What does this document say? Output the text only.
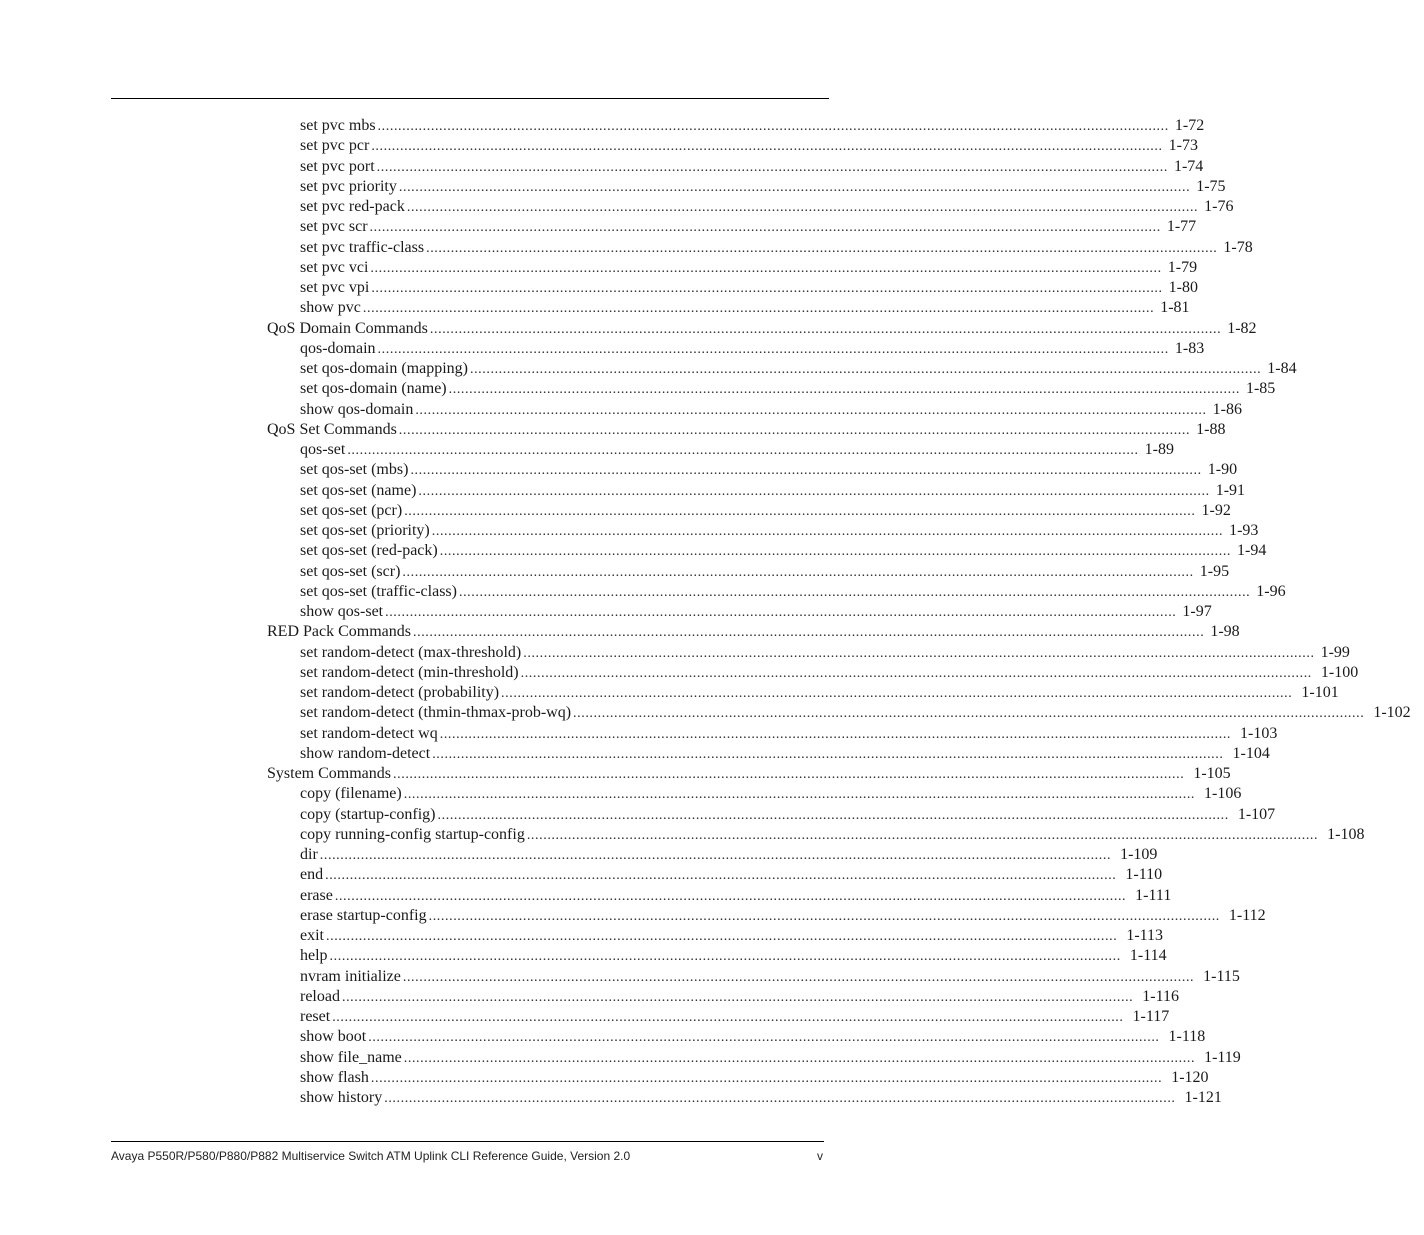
set pvc mbs .....	1-72
set pvc pcr .....	1-73
set pvc port .....	1-74
set pvc priority .....	1-75
set pvc red-pack .....	1-76
set pvc scr .....	1-77
set pvc traffic-class .....	1-78
set pvc vci .....	1-79
set pvc vpi .....	1-80
show pvc .....	1-81
QoS Domain Commands .....	1-82
qos-domain .....	1-83
set qos-domain (mapping) .....	1-84
set qos-domain (name) .....	1-85
show qos-domain .....	1-86
QoS Set Commands .....	1-88
qos-set .....	1-89
set qos-set (mbs) .....	1-90
set qos-set (name) .....	1-91
set qos-set (pcr) .....	1-92
set qos-set (priority) .....	1-93
set qos-set (red-pack) .....	1-94
set qos-set (scr) .....	1-95
set qos-set (traffic-class) .....	1-96
show qos-set .....	1-97
RED Pack Commands .....	1-98
set random-detect (max-threshold) .....	1-99
set random-detect (min-threshold) .....	1-100
set random-detect (probability) .....	1-101
set random-detect (thmin-thmax-prob-wq) .....	1-102
set random-detect wq .....	1-103
show random-detect .....	1-104
System Commands .....	1-105
copy (filename) .....	1-106
copy (startup-config) .....	1-107
copy running-config startup-config .....	1-108
dir .....	1-109
end .....	1-110
erase .....	1-111
erase startup-config .....	1-112
exit .....	1-113
help .....	1-114
nvram initialize .....	1-115
reload .....	1-116
reset .....	1-117
show boot .....	1-118
show file_name .....	1-119
show flash .....	1-120
show history .....	1-121
Avaya P550R/P580/P880/P882 Multiservice Switch ATM Uplink CLI Reference Guide, Version 2.0	v
